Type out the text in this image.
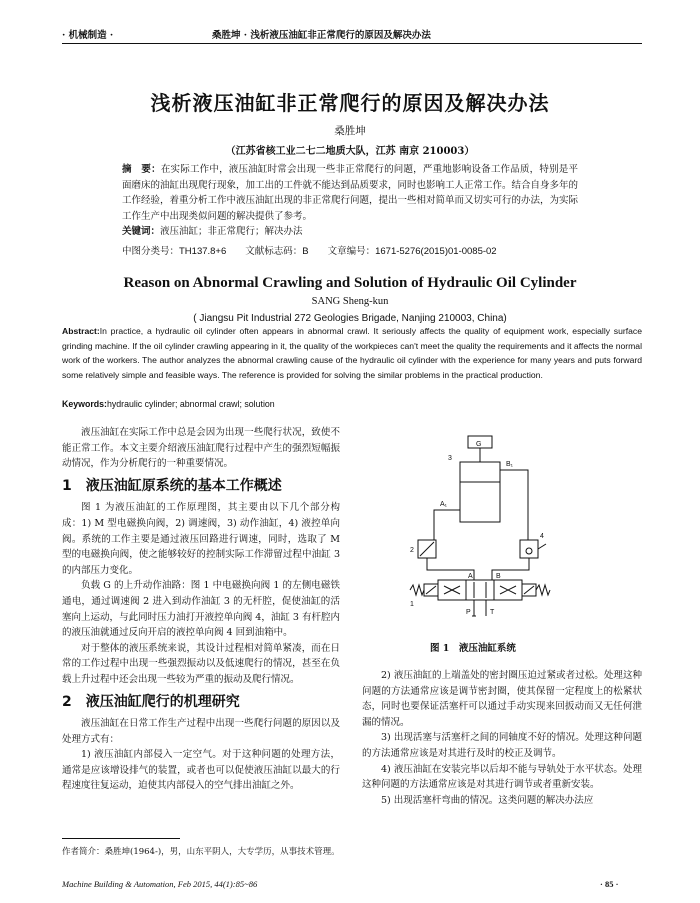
· 机械制造 ·	桑胜坤 · 浅析液压油缸非正常爬行的原因及解决办法
浅析液压油缸非正常爬行的原因及解决办法
桑胜坤
（江苏省核工业二七二地质大队，江苏 南京 210003）
摘　要：在实际工作中，液压油缸时常会出现一些非正常爬行的问题，严重地影响设备工作品质，特别是平面磨床的油缸出现爬行现象，加工出的工件就不能达到品质要求，同时也影响工人正常工作。结合自身多年的工作经验，着重分析工作中液压油缸出现的非正常爬行问题，提出一些相对简单而又切实可行的办法，为实际工作生产中出现类似问题的解决提供了参考。
关键词：液压油缸；非正常爬行；解决办法
中图分类号：TH137.8+6　　文献标志码：B　　文章编号：1671-5276(2015)01-0085-02
Reason on Abnormal Crawling and Solution of Hydraulic Oil Cylinder
SANG Sheng-kun
( Jiangsu Pit Industrial 272 Geologies Brigade, Nanjing 210003, China)
Abstract:In practice, a hydraulic oil cylinder often appears in abnormal crawl. It seriously affects the quality of equipment work, especially surface grinding machine. If the oil cylinder crawling appearing in it, the quality of the workpieces can't meet the quality the requirements and it affects the normal work of the workers. The author analyzes the abnormal crawling cause of the hydraulic oil cylinder with the experience for many years and puts forward some relatively simple and feasible ways. The reference is provided for solving the similar problems in the practical production.
Keywords:hydraulic cylinder; abnormal crawl; solution

液压油缸在实际工作中总是会因为出现一些爬行状况，致使不能正常工作。本文主要介绍液压油缸爬行过程中产生的强烈短幅振动情况，作为分析爬行的一种重要情况。

1　液压油缸原系统的基本工作概述

图 1 为液压油缸的工作原理图，其主要由以下几个部分构成：1) M 型电磁换向阀，2) 调速阀，3) 动作油缸，4) 液控单向阀。系统的工作主要是通过液压回路进行调速，同时，选取了 M 型的电磁换向阀，使之能够较好的控制实际工作滞留过程中油缸 3 的内部压力变化。

负载 G 的上升动作油路：图 1 中电磁换向阀 1 的左侧电磁铁通电，通过调速阀 2 进入到动作油缸 3 的无杆腔，促使油缸的活塞向上运动，与此同时压力油打开液控单向阀 4，油缸 3 有杆腔内的液压油就通过反向开启的液控单向阀 4 回到油箱中。

对于整体的液压系统来说，其设计过程相对简单紧凑，而在日常的工作过程中出现一些强烈振动以及低速爬行的情况，甚至在负载上升过程中还会出现一些较为严重的振动及爬行情况。

2　液压油缸爬行的机理研究

液压油缸在日常工作生产过程中出现一些爬行问题的原因以及处理方式有：

1) 液压油缸内部侵入一定空气。对于这种问题的处理方法，通常是应该增设排气的装置，或者也可以促使液压油缸以最大的行程速度往复运动，迫使其内部侵入的空气排出油缸之外。

作者简介：桑胜坤(1964-)，男，山东平阴人，大专学历，从事技术管理。
G
B₁
3
A₁
4
2
1
A	B
P	T
图 1　液压油缸系统

2) 液压油缸的上端盖处的密封圈压迫过紧或者过松。处理这种问题的方法通常应该是调节密封圈，使其保留一定程度上的松紧状态，同时也要保证活塞杆可以通过手动实现来回扳动而又无任何泄漏的情况。

3) 出现活塞与活塞杆之间的同轴度不好的情况。处理这种问题的方法通常应该是对其进行及时的校正及调节。

4) 液压油缸在安装完毕以后却不能与导轨处于水平状态。处理这种问题的方法通常应该是对其进行调节或者重新安装。

5) 出现活塞杆弯曲的情况。这类问题的解决办法应

Machine Building & Automation, Feb 2015, 44(1):85~86	· 85 ·
